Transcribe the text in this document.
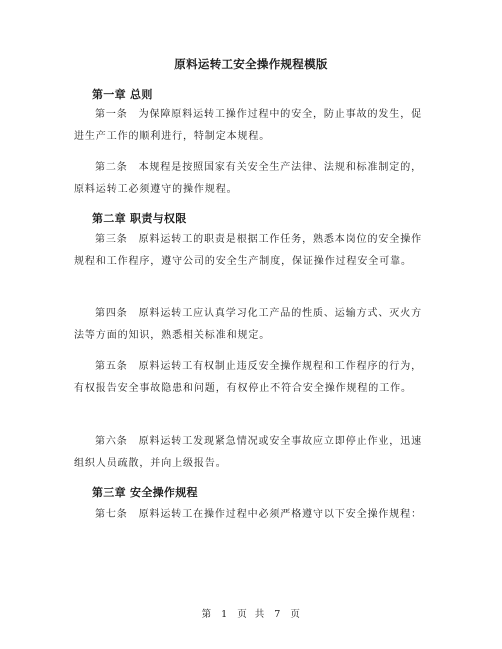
原料运转工安全操作规程模版
第一章 总则
第一条　为保障原料运转工操作过程中的安全，防止事故的发生，促进生产工作的顺利进行，特制定本规程。
第二条　本规程是按照国家有关安全生产法律、法规和标准制定的，原料运转工必须遵守的操作规程。
第二章 职责与权限
第三条　原料运转工的职责是根据工作任务，熟悉本岗位的安全操作规程和工作程序，遵守公司的安全生产制度，保证操作过程安全可靠。
第四条　原料运转工应认真学习化工产品的性质、运输方式、灭火方法等方面的知识，熟悉相关标准和规定。
第五条　原料运转工有权制止违反安全操作规程和工作程序的行为，有权报告安全事故隐患和问题，有权停止不符合安全操作规程的工作。
第六条　原料运转工发现紧急情况或安全事故应立即停止作业，迅速组织人员疏散，并向上级报告。
第三章 安全操作规程
第七条　原料运转工在操作过程中必须严格遵守以下安全操作规程：
第 1 页 共 7 页
